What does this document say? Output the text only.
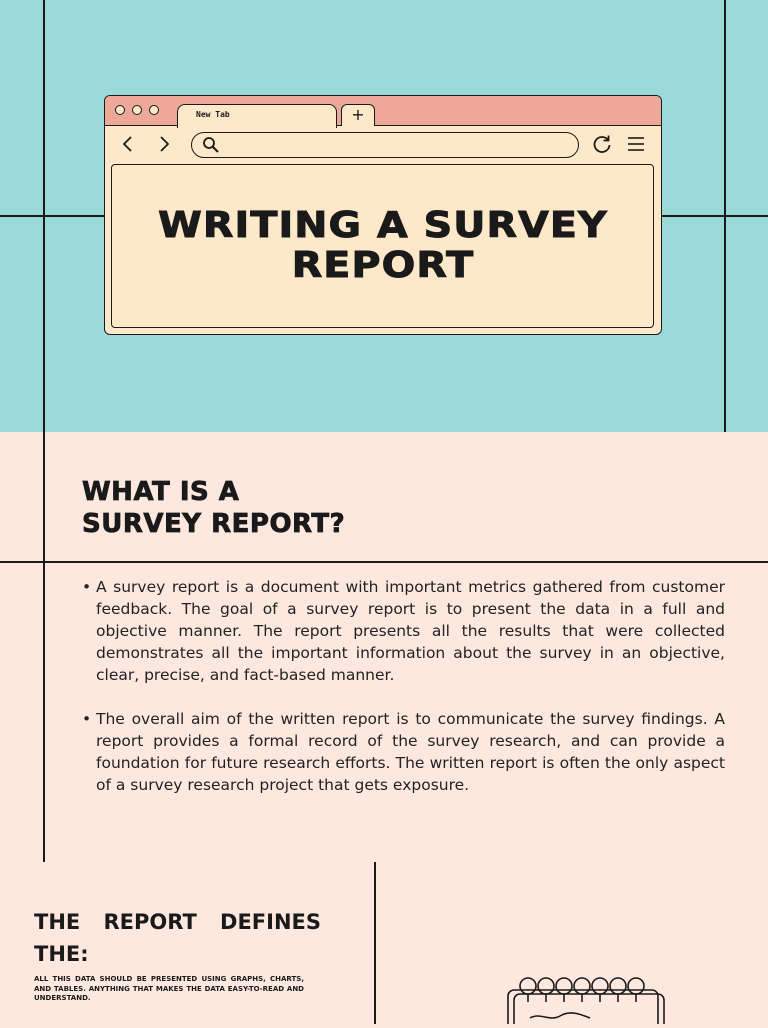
New Tab	+
WRITING A SURVEY REPORT
WHAT IS A
SURVEY REPORT?
• A survey report is a document with important metrics gathered from customer feedback. The goal of a survey report is to present the data in a full and objective manner. The report presents all the results that were collected demonstrates all the important information about the survey in an objective, clear, precise, and fact-based manner.
• The overall aim of the written report is to communicate the survey findings. A report provides a formal record of the survey research, and can provide a foundation for future research efforts. The written report is often the only aspect of a survey research project that gets exposure.
THE REPORT DEFINES THE:

ALL THIS DATA SHOULD BE PRESENTED USING GRAPHS, CHARTS, AND TABLES. ANYTHING THAT MAKES THE DATA EASY-TO-READ AND UNDERSTAND.
